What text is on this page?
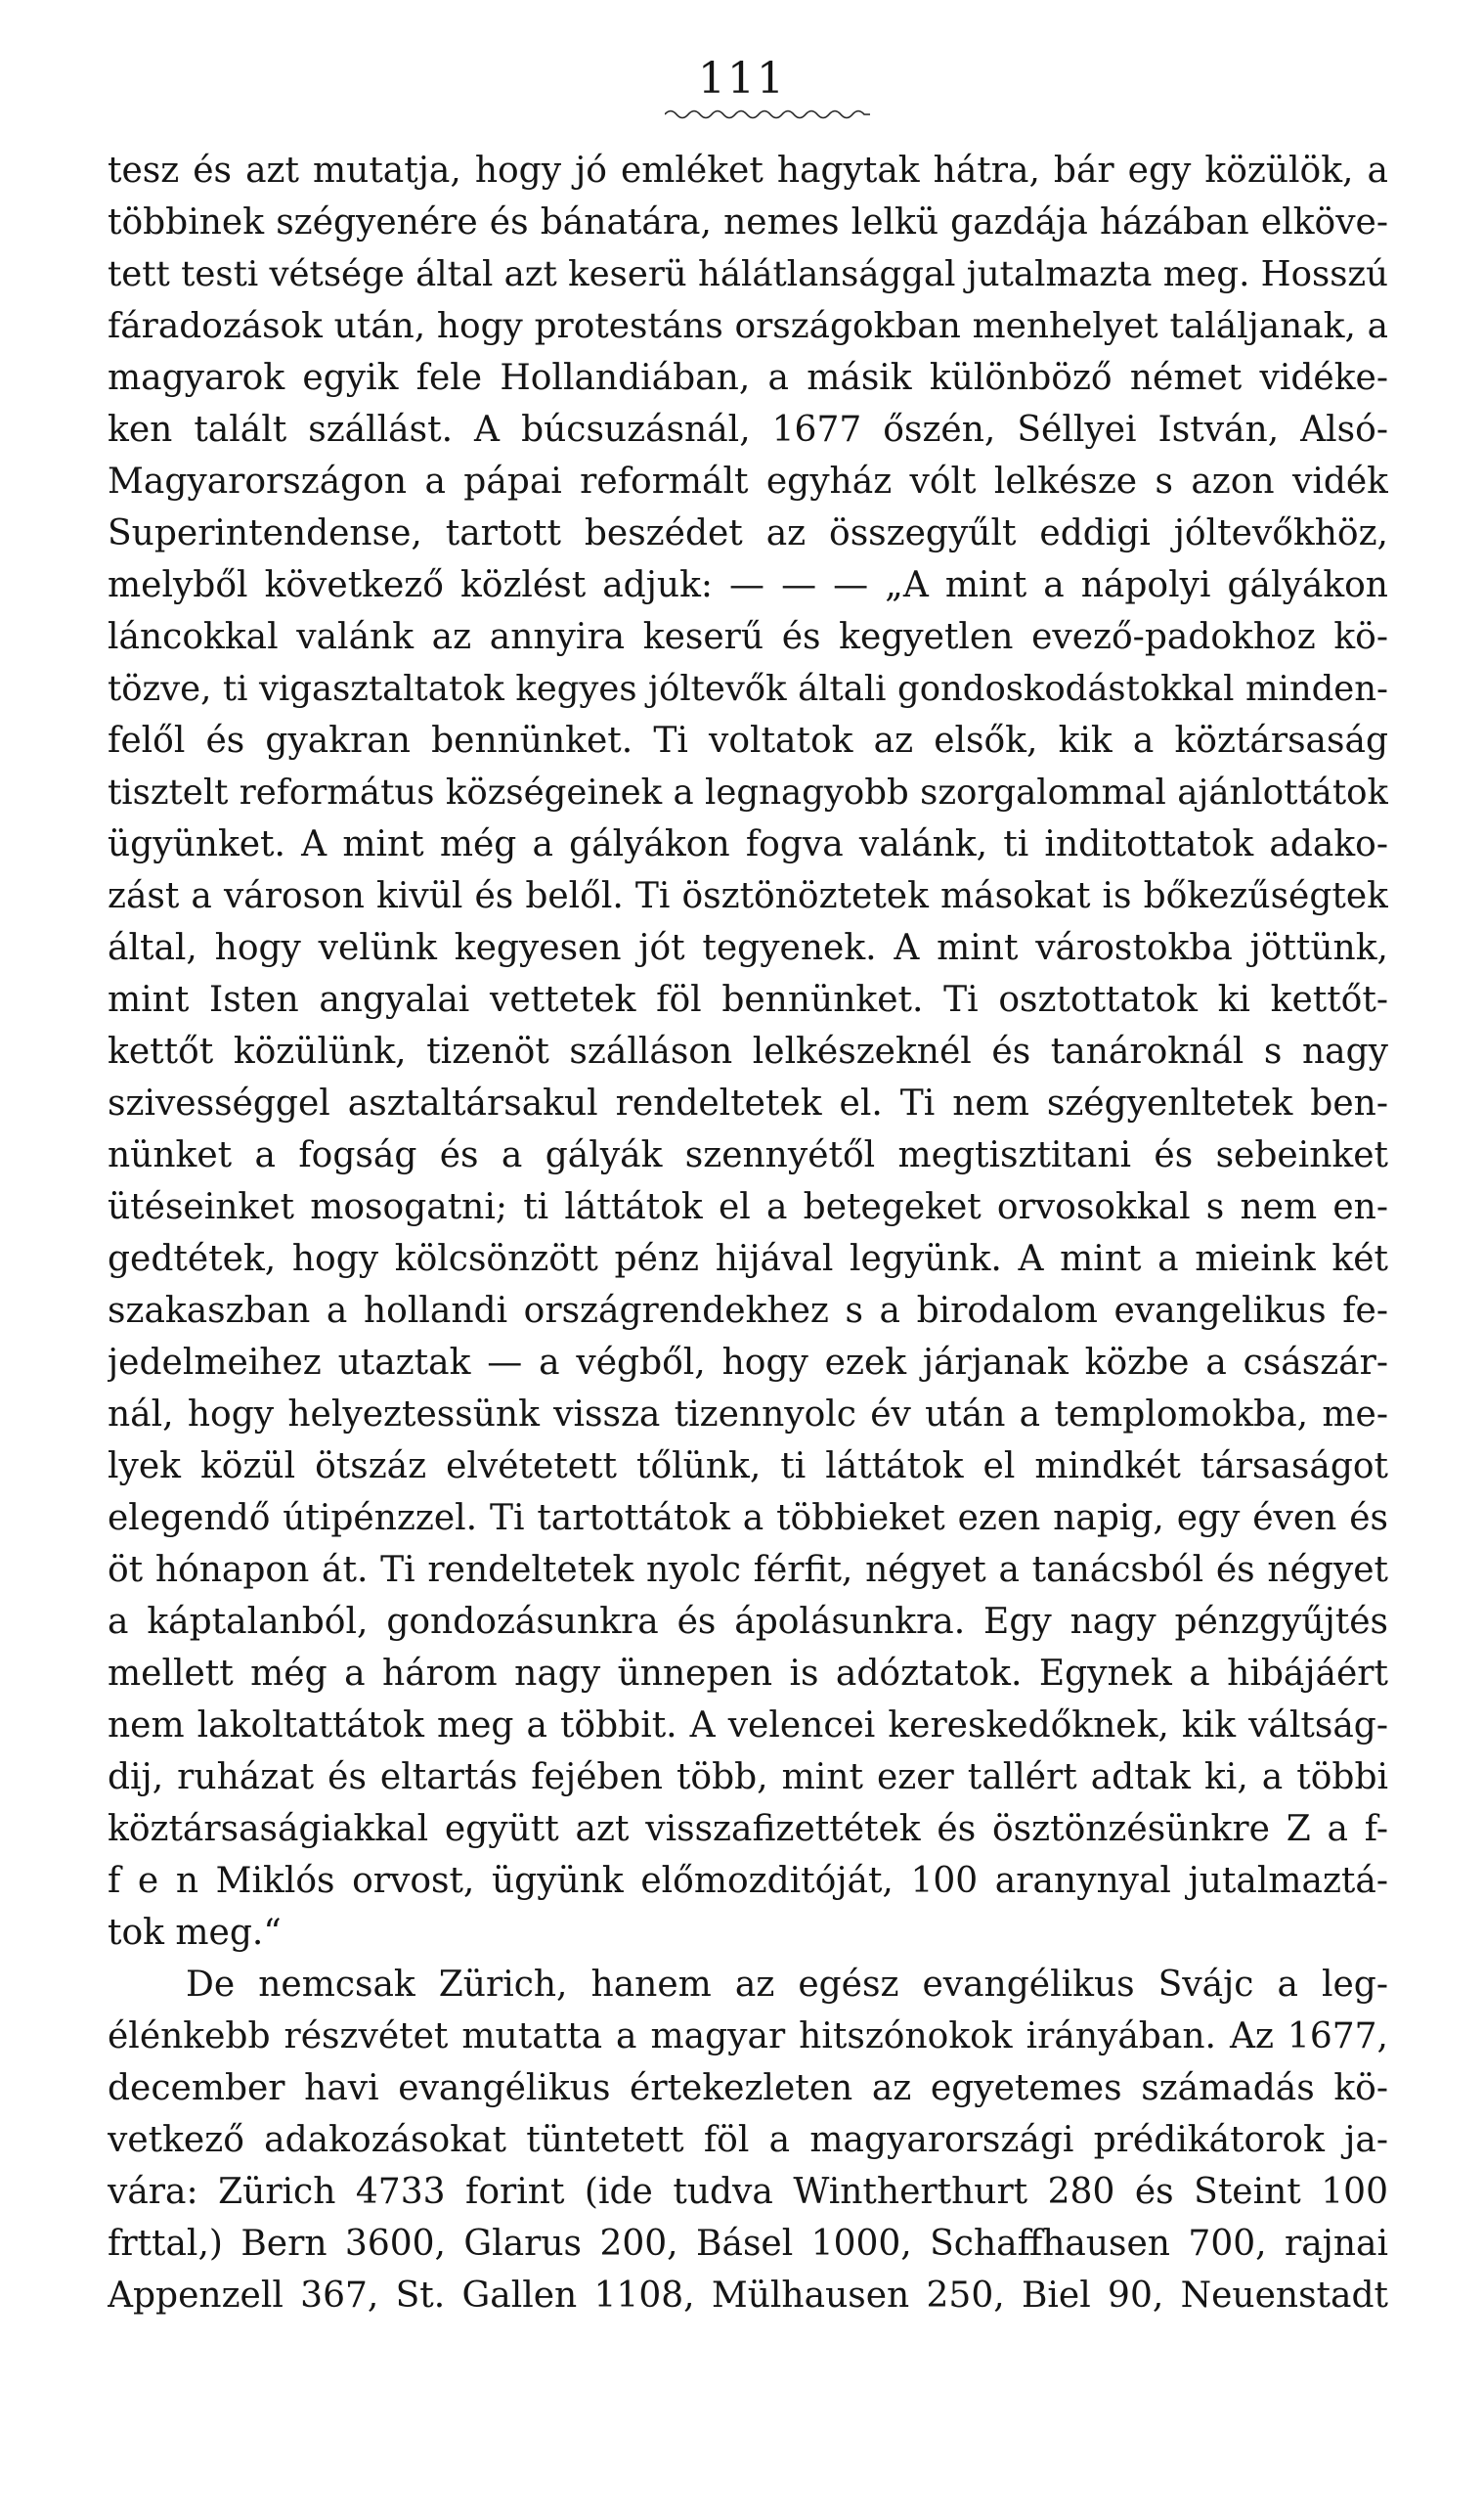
111
tesz és azt mutatja, hogy jó emléket hagytak hátra, bár egy közülök, a
többinek szégyenére és bánatára, nemes lelkü gazdája házában elköve-
tett testi vétsége által azt keserü hálátlansággal jutalmazta meg. Hosszú
fáradozások után, hogy protestáns országokban menhelyet találjanak, a
magyarok egyik fele Hollandiában, a másik különböző német vidéke-
ken talált szállást. A búcsuzásnál, 1677 őszén, Séllyei István, Alsó-
Magyarországon a pápai reformált egyház vólt lelkésze s azon vidék
Superintendense, tartott beszédet az összegyűlt eddigi jóltevőkhöz,
melyből következő közlést adjuk: — — — „A mint a nápolyi gályákon
láncokkal valánk az annyira keserű és kegyetlen evező-padokhoz kö-
tözve, ti vigasztaltatok kegyes jóltevők általi gondoskodástokkal minden-
felől és gyakran bennünket. Ti voltatok az elsők, kik a köztársaság
tisztelt református községeinek a legnagyobb szorgalommal ajánlottátok
ügyünket. A mint még a gályákon fogva valánk, ti inditottatok adako-
zást a városon kivül és belől. Ti ösztönöztetek másokat is bőkezűségtek
által, hogy velünk kegyesen jót tegyenek. A mint várostokba jöttünk,
mint Isten angyalai vettetek föl bennünket. Ti osztottatok ki kettőt-
kettőt közülünk, tizenöt szálláson lelkészeknél és tanároknál s nagy
szivességgel asztaltársakul rendeltetek el. Ti nem szégyenltetek ben-
nünket a fogság és a gályák szennyétől megtisztitani és sebeinket
ütéseinket mosogatni; ti láttátok el a betegeket orvosokkal s nem en-
gedtétek, hogy kölcsönzött pénz hijával legyünk. A mint a mieink két
szakaszban a hollandi országrendekhez s a birodalom evangelikus fe-
jedelmeihez utaztak — a végből, hogy ezek járjanak közbe a császár-
nál, hogy helyeztessünk vissza tizennyolc év után a templomokba, me-
lyek közül ötszáz elvétetett tőlünk, ti láttátok el mindkét társaságot
elegendő útipénzzel. Ti tartottátok a többieket ezen napig, egy éven és
öt hónapon át. Ti rendeltetek nyolc férfit, négyet a tanácsból és négyet
a káptalanból, gondozásunkra és ápolásunkra. Egy nagy pénzgyűjtés
mellett még a három nagy ünnepen is adóztatok. Egynek a hibájáért
nem lakoltattátok meg a többit. A velencei kereskedőknek, kik váltság-
dij, ruházat és eltartás fejében több, mint ezer tallért adtak ki, a többi
köztársaságiakkal együtt azt visszafizettétek és ösztönzésünkre Z a f-
f e n Miklós orvost, ügyünk előmozditóját, 100 aranynyal jutalmaztá-
tok meg.“
De nemcsak Zürich, hanem az egész evangélikus Svájc a leg-
élénkebb részvétet mutatta a magyar hitszónokok irányában. Az 1677,
december havi evangélikus értekezleten az egyetemes számadás kö-
vetkező adakozásokat tüntetett föl a magyarországi prédikátorok ja-
vára: Zürich 4733 forint (ide tudva Wintherthurt 280 és Steint 100
frttal,) Bern 3600, Glarus 200, Básel 1000, Schaffhausen 700, rajnai
Appenzell 367, St. Gallen 1108, Mülhausen 250, Biel 90, Neuenstadt
